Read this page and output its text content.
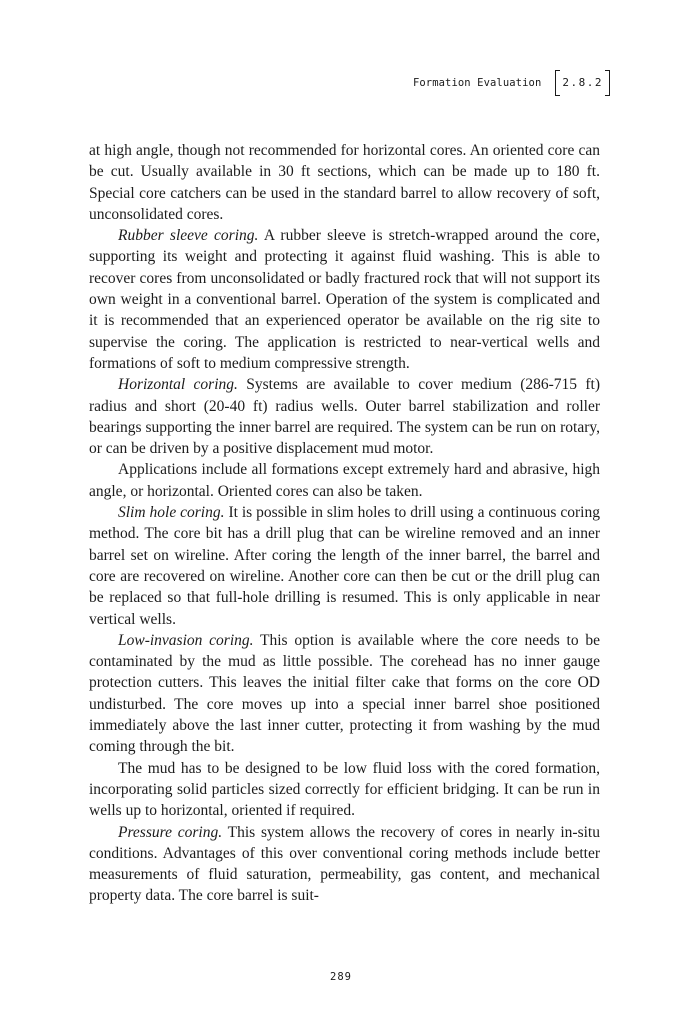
Formation Evaluation	2.8.2

at high angle, though not recommended for horizontal cores. An oriented core can be cut. Usually available in 30 ft sections, which can be made up to 180 ft. Special core catchers can be used in the standard barrel to allow recovery of soft, unconsolidated cores.

Rubber sleeve coring. A rubber sleeve is stretch-wrapped around the core, supporting its weight and protecting it against fluid washing. This is able to recover cores from unconsolidated or badly fractured rock that will not support its own weight in a conventional barrel. Operation of the system is complicated and it is recommended that an experienced operator be available on the rig site to supervise the coring. The application is restricted to near-vertical wells and formations of soft to medium compressive strength.

Horizontal coring. Systems are available to cover medium (286-715 ft) radius and short (20-40 ft) radius wells. Outer barrel stabilization and roller bearings supporting the inner barrel are required. The system can be run on rotary, or can be driven by a positive displacement mud motor.

Applications include all formations except extremely hard and abrasive, high angle, or horizontal. Oriented cores can also be taken.

Slim hole coring. It is possible in slim holes to drill using a continuous coring method. The core bit has a drill plug that can be wireline removed and an inner barrel set on wireline. After coring the length of the inner barrel, the barrel and core are recovered on wireline. Another core can then be cut or the drill plug can be replaced so that full-hole drilling is resumed. This is only applicable in near vertical wells.

Low-invasion coring. This option is available where the core needs to be contaminated by the mud as little possible. The corehead has no inner gauge protection cutters. This leaves the initial filter cake that forms on the core OD undisturbed. The core moves up into a special inner barrel shoe positioned immediately above the last inner cutter, protecting it from washing by the mud coming through the bit.

The mud has to be designed to be low fluid loss with the cored formation, incorporating solid particles sized correctly for efficient bridging. It can be run in wells up to horizontal, oriented if required.

Pressure coring. This system allows the recovery of cores in nearly in-situ conditions. Advantages of this over conventional coring methods include better measurements of fluid saturation, permeability, gas content, and mechanical property data. The core barrel is suit-

289
